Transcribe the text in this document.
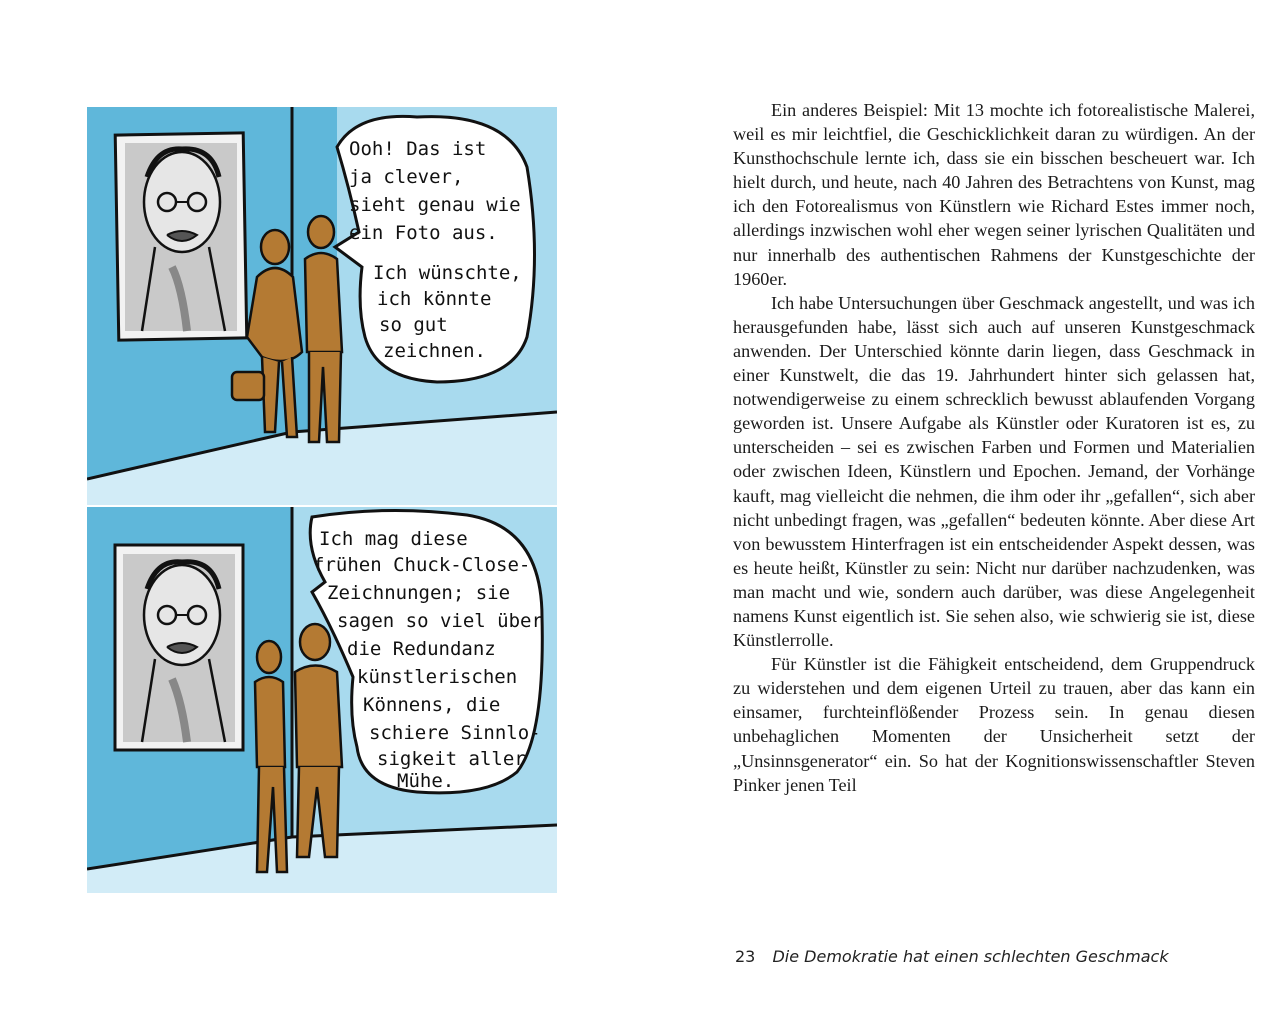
Ooh! Das ist ja clever, sieht genau wie ein Foto aus. Ich wünschte, ich könnte so gut zeichnen.
Ich mag diese frühen Chuck-Close- Zeichnungen; sie sagen so viel über die Redundanz künstlerischen Könnens, die schiere Sinnlo- sigkeit aller Mühe.

Ein anderes Beispiel: Mit 13 mochte ich fotorealistische Malerei, weil es mir leichtfiel, die Geschicklichkeit daran zu würdigen. An der Kunsthochschule lernte ich, dass sie ein bisschen bescheuert war. Ich hielt durch, und heute, nach 40 Jahren des Betrachtens von Kunst, mag ich den Fotorealismus von Künstlern wie Richard Estes immer noch, allerdings inzwischen wohl eher wegen seiner lyrischen Qualitäten und nur innerhalb des authentischen Rahmens der Kunstgeschichte der 1960er.

Ich habe Untersuchungen über Geschmack angestellt, und was ich herausgefunden habe, lässt sich auch auf unseren Kunstgeschmack anwenden. Der Unterschied könnte darin liegen, dass Geschmack in einer Kunstwelt, die das 19. Jahrhundert hinter sich gelassen hat, notwendigerweise zu einem schrecklich bewusst ablaufenden Vorgang geworden ist. Unsere Aufgabe als Künstler oder Kuratoren ist es, zu unterscheiden – sei es zwischen Farben und Formen und Materialien oder zwischen Ideen, Künstlern und Epochen. Jemand, der Vorhänge kauft, mag vielleicht die nehmen, die ihm oder ihr „gefallen“, sich aber nicht unbedingt fragen, was „gefallen“ bedeuten könnte. Aber diese Art von bewusstem Hinterfragen ist ein entscheidender Aspekt dessen, was es heute heißt, Künstler zu sein: Nicht nur darüber nachzudenken, was man macht und wie, sondern auch darüber, was diese Angelegenheit namens Kunst eigentlich ist. Sie sehen also, wie schwierig sie ist, diese Künstlerrolle.

Für Künstler ist die Fähigkeit entscheidend, dem Gruppendruck zu widerstehen und dem eigenen Urteil zu trauen, aber das kann ein einsamer, furchteinflößender Prozess sein. In genau diesen unbehaglichen Momenten der Unsicherheit setzt der „Unsinnsgenerator“ ein. So hat der Kognitionswissenschaftler Steven Pinker jenen Teil

23 Die Demokratie hat einen schlechten Geschmack
